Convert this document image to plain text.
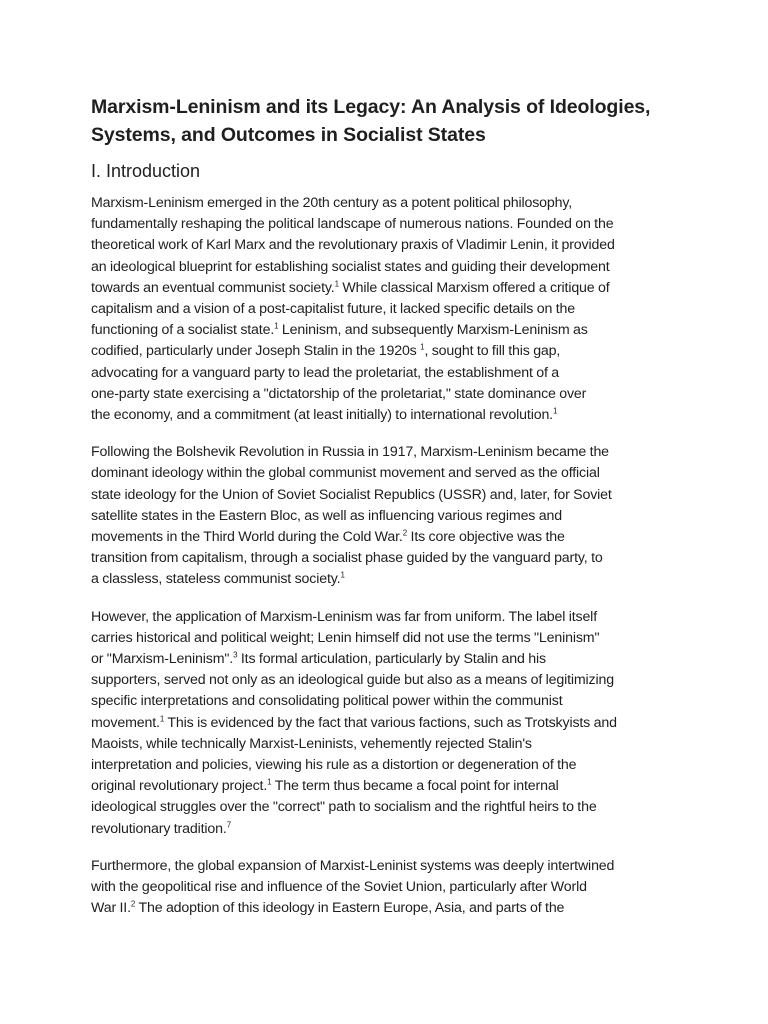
Marxism-Leninism and its Legacy: An Analysis of Ideologies,
Systems, and Outcomes in Socialist States
I. Introduction

Marxism-Leninism emerged in the 20th century as a potent political philosophy,
fundamentally reshaping the political landscape of numerous nations. Founded on the
theoretical work of Karl Marx and the revolutionary praxis of Vladimir Lenin, it provided
an ideological blueprint for establishing socialist states and guiding their development
towards an eventual communist society.$^1$ While classical Marxism offered a critique of
capitalism and a vision of a post-capitalist future, it lacked specific details on the
functioning of a socialist state.$^1$ Leninism, and subsequently Marxism-Leninism as
codified, particularly under Joseph Stalin in the 1920s $^1$, sought to fill this gap,
advocating for a vanguard party to lead the proletariat, the establishment of a
one-party state exercising a "dictatorship of the proletariat," state dominance over
the economy, and a commitment (at least initially) to international revolution.$^1$

Following the Bolshevik Revolution in Russia in 1917, Marxism-Leninism became the
dominant ideology within the global communist movement and served as the official
state ideology for the Union of Soviet Socialist Republics (USSR) and, later, for Soviet
satellite states in the Eastern Bloc, as well as influencing various regimes and
movements in the Third World during the Cold War.$^2$ Its core objective was the
transition from capitalism, through a socialist phase guided by the vanguard party, to
a classless, stateless communist society.$^1$

However, the application of Marxism-Leninism was far from uniform. The label itself
carries historical and political weight; Lenin himself did not use the terms "Leninism"
or "Marxism-Leninism".$^3$ Its formal articulation, particularly by Stalin and his
supporters, served not only as an ideological guide but also as a means of legitimizing
specific interpretations and consolidating political power within the communist
movement.$^1$ This is evidenced by the fact that various factions, such as Trotskyists and
Maoists, while technically Marxist-Leninists, vehemently rejected Stalin's
interpretation and policies, viewing his rule as a distortion or degeneration of the
original revolutionary project.$^1$ The term thus became a focal point for internal
ideological struggles over the "correct" path to socialism and the rightful heirs to the
revolutionary tradition.$^7$

Furthermore, the global expansion of Marxist-Leninist systems was deeply intertwined
with the geopolitical rise and influence of the Soviet Union, particularly after World
War II.$^2$ The adoption of this ideology in Eastern Europe, Asia, and parts of the
